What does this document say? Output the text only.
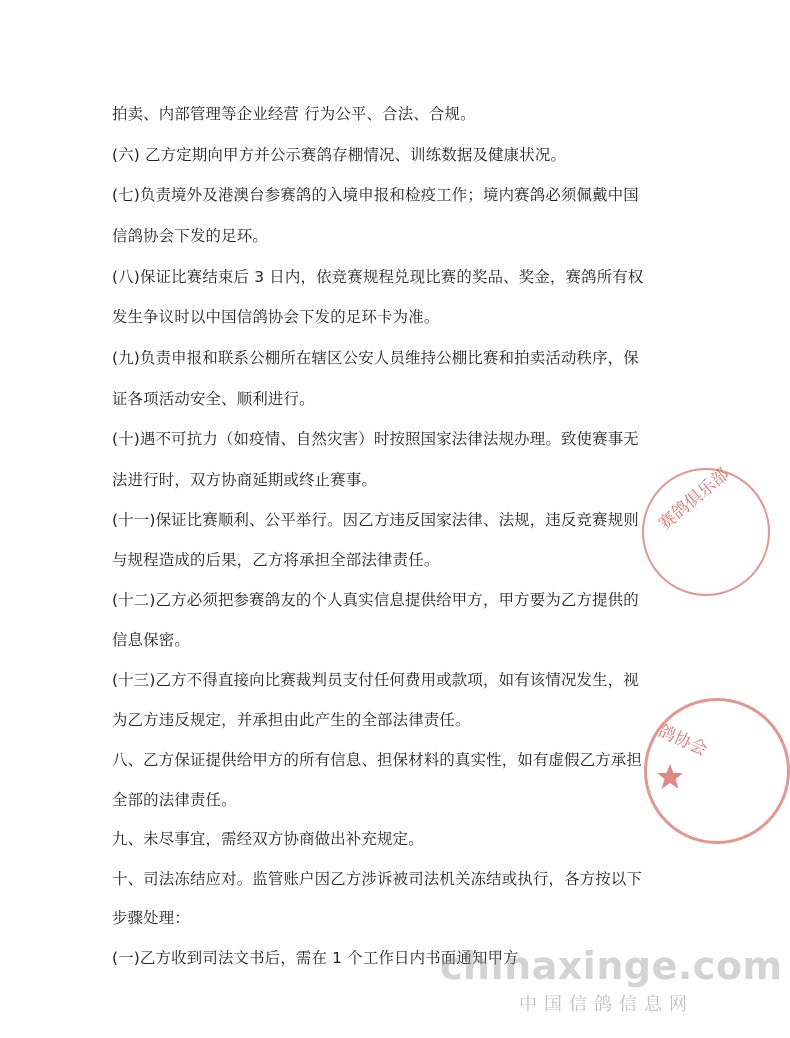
拍卖、内部管理等企业经营 行为公平、合法、合规。
(六) 乙方定期向甲方并公示赛鸽存棚情况、训练数据及健康状况。
(七)负责境外及港澳台参赛鸽的入境申报和检疫工作；境内赛鸽必须佩戴中国
信鸽协会下发的足环。
(八)保证比赛结束后 3 日内，依竞赛规程兑现比赛的奖品、奖金，赛鸽所有权
发生争议时以中国信鸽协会下发的足环卡为准。
(九)负责申报和联系公棚所在辖区公安人员维持公棚比赛和拍卖活动秩序，保
证各项活动安全、顺利进行。
(十)遇不可抗力（如疫情、自然灾害）时按照国家法律法规办理。致使赛事无
法进行时，双方协商延期或终止赛事。
(十一)保证比赛顺利、公平举行。因乙方违反国家法律、法规，违反竞赛规则
与规程造成的后果，乙方将承担全部法律责任。
(十二)乙方必须把参赛鸽友的个人真实信息提供给甲方，甲方要为乙方提供的
信息保密。
(十三)乙方不得直接向比赛裁判员支付任何费用或款项，如有该情况发生，视
为乙方违反规定，并承担由此产生的全部法律责任。
八、乙方保证提供给甲方的所有信息、担保材料的真实性，如有虚假乙方承担
全部的法律责任。
九、未尽事宜，需经双方协商做出补充规定。
十、司法冻结应对。监管账户因乙方涉诉被司法机关冻结或执行，各方按以下
步骤处理：
(一)乙方收到司法文书后，需在 1 个工作日内书面通知甲方
赛鸽俱乐部
鸽协会
chinaxinge.com
中国信鸽信息网
